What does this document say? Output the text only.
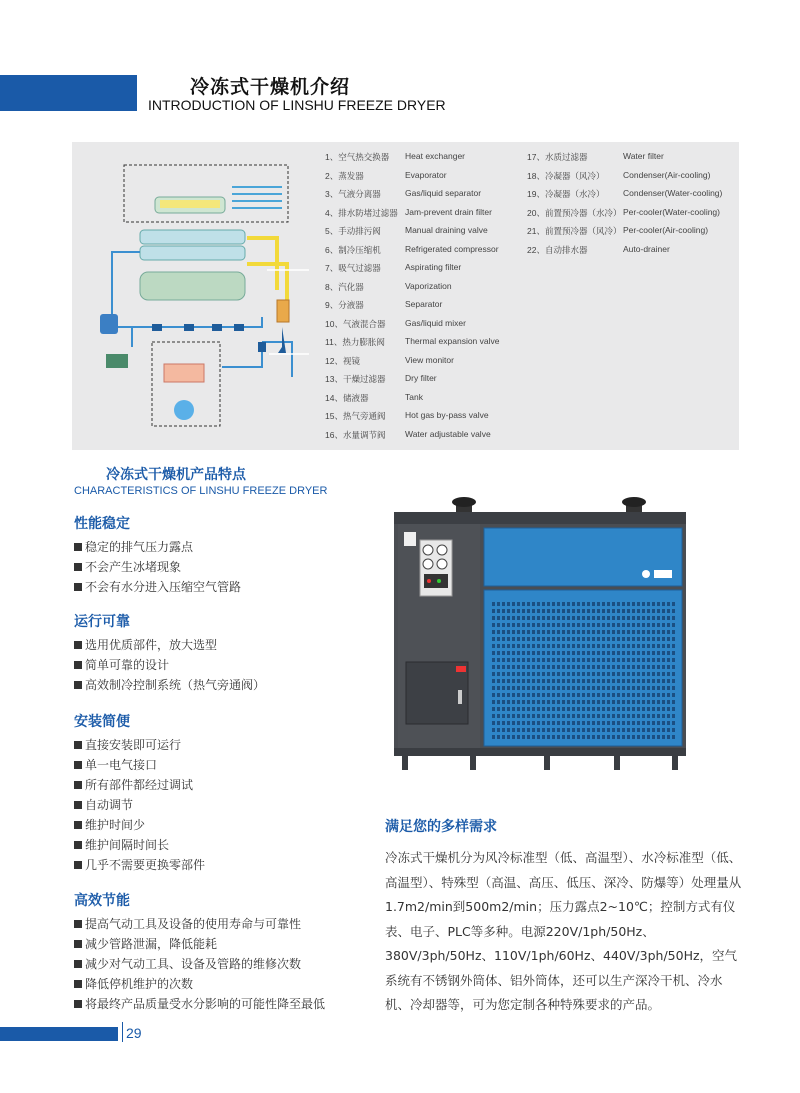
冷冻式干燥机介绍
INTRODUCTION OF LINSHU FREEZE DRYER
1、空气热交换器 Heat exchanger
2、蒸发器	Evaporator
3、气液分离器	Gas/liquid separator
4、排水防堵过滤器 Jam-prevent drain filter
5、手动排污阀	Manual draining valve
6、制冷压缩机	Refrigerated compressor
7、吸气过滤器	Aspirating filter
8、汽化器	Vaporization
9、分液器	Separator
10、气液混合器 Gas/liquid mixer
11、热力膨胀阀 Thermal expansion valve
12、视镜	View monitor
13、干燥过滤器 Dry filter
14、储液器	Tank
15、热气旁通阀 Hot gas by-pass valve
16、水量调节阀 Water adjustable valve
17、水质过滤器	Water filter
18、冷凝器（风冷） Condenser(Air-cooling)
19、冷凝器（水冷） Condenser(Water-cooling)
20、前置预冷器（水冷） Per-cooler(Water-cooling)
21、前置预冷器（风冷） Per-cooler(Air-cooling)
22、自动排水器	Auto-drainer
冷冻式干燥机产品特点
CHARACTERISTICS OF LINSHU FREEZE DRYER
性能稳定
稳定的排气压力露点
不会产生冰堵现象
不会有水分进入压缩空气管路
运行可靠
选用优质部件，放大选型
简单可靠的设计
高效制冷控制系统（热气旁通阀）
安装简便
直接安装即可运行
单一电气接口
所有部件都经过调试
自动调节
维护时间少
维护间隔时间长
几乎不需要更换零部件
高效节能
提高气动工具及设备的使用寿命与可靠性
减少管路泄漏，降低能耗
减少对气动工具、设备及管路的维修次数
降低停机维护的次数
将最终产品质量受水分影响的可能性降至最低
满足您的多样需求
冷冻式干燥机分为风冷标准型（低、高温型）、水冷标准型（低、高温型）、特殊型（高温、高压、低压、深冷、防爆等）处理量从1.7m2/min到500m2/min；压力露点2~10℃；控制方式有仪表、电子、PLC等多种。电源220V/1ph/50Hz、380V/3ph/50Hz、110V/1ph/60Hz、440V/3ph/50Hz，空气系统有不锈钢外筒体、铝外筒体，还可以生产深冷干机、冷水机、冷却器等，可为您定制各种特殊要求的产品。
29
